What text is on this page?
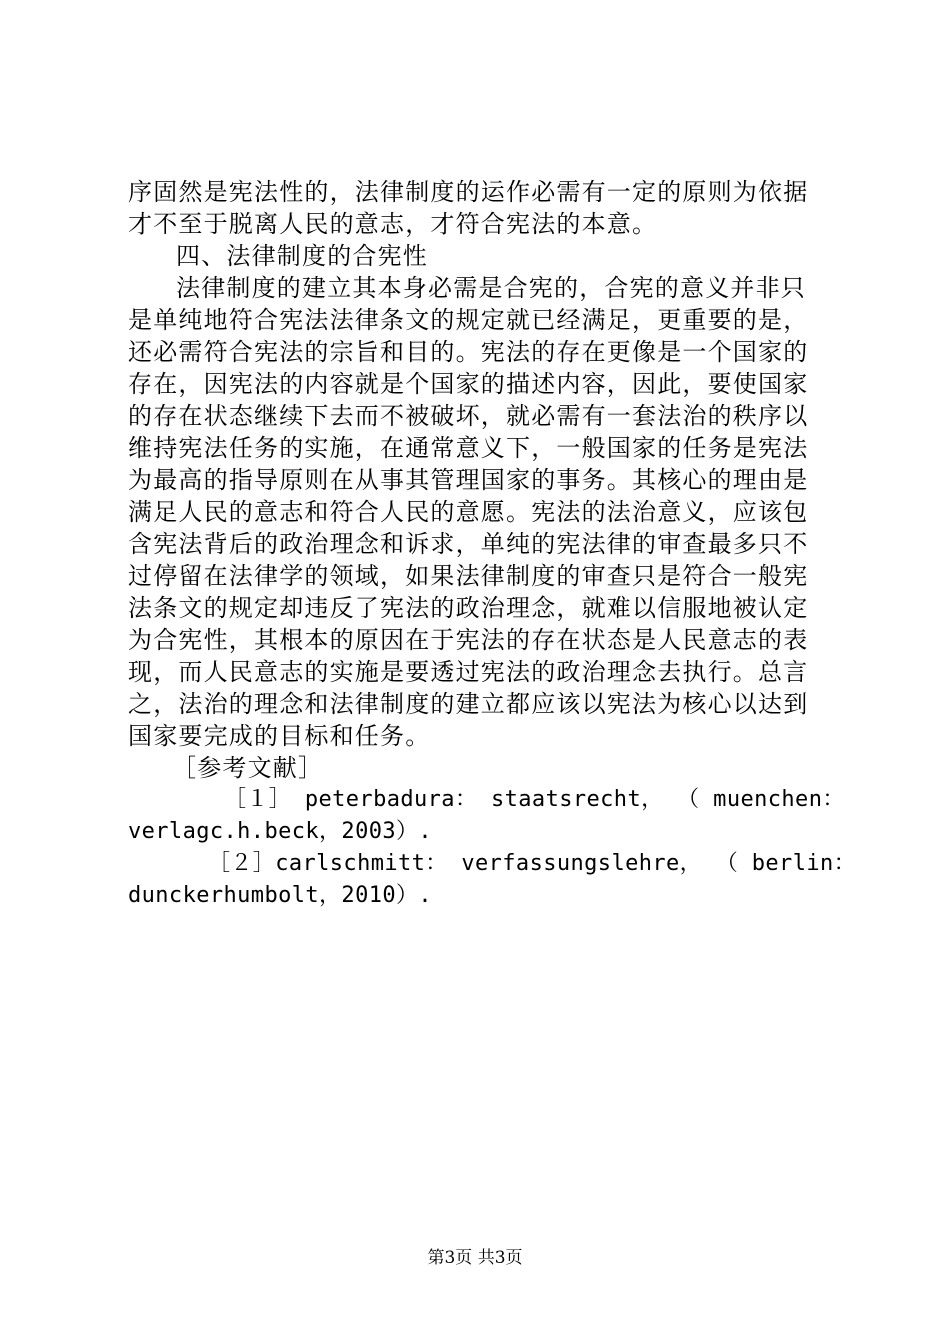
序固然是宪法性的，法律制度的运作必需有一定的原则为依据
才不至于脱离人民的意志，才符合宪法的本意。
四、法律制度的合宪性
法律制度的建立其本身必需是合宪的，合宪的意义并非只
是单纯地符合宪法法律条文的规定就已经满足，更重要的是，
还必需符合宪法的宗旨和目的。宪法的存在更像是一个国家的
存在，因宪法的内容就是个国家的描述内容，因此，要使国家
的存在状态继续下去而不被破坏，就必需有一套法治的秩序以
维持宪法任务的实施，在通常意义下，一般国家的任务是宪法
为最高的指导原则在从事其管理国家的事务。其核心的理由是
满足人民的意志和符合人民的意愿。宪法的法治意义，应该包
含宪法背后的政治理念和诉求，单纯的宪法律的审查最多只不
过停留在法律学的领域，如果法律制度的审查只是符合一般宪
法条文的规定却违反了宪法的政治理念，就难以信服地被认定
为合宪性，其根本的原因在于宪法的存在状态是人民意志的表
现，而人民意志的实施是要透过宪法的政治理念去执行。总言
之，法治的理念和法律制度的建立都应该以宪法为核心以达到
国家要完成的目标和任务。
［参考文献］
［１］ peterbadura： staatsrecht， （ muenchen：
verlagc.h.beck，2003）.
［２］carlschmitt： verfassungslehre， （ berlin：
dunckerhumbolt，2010）.
第3页 共3页
